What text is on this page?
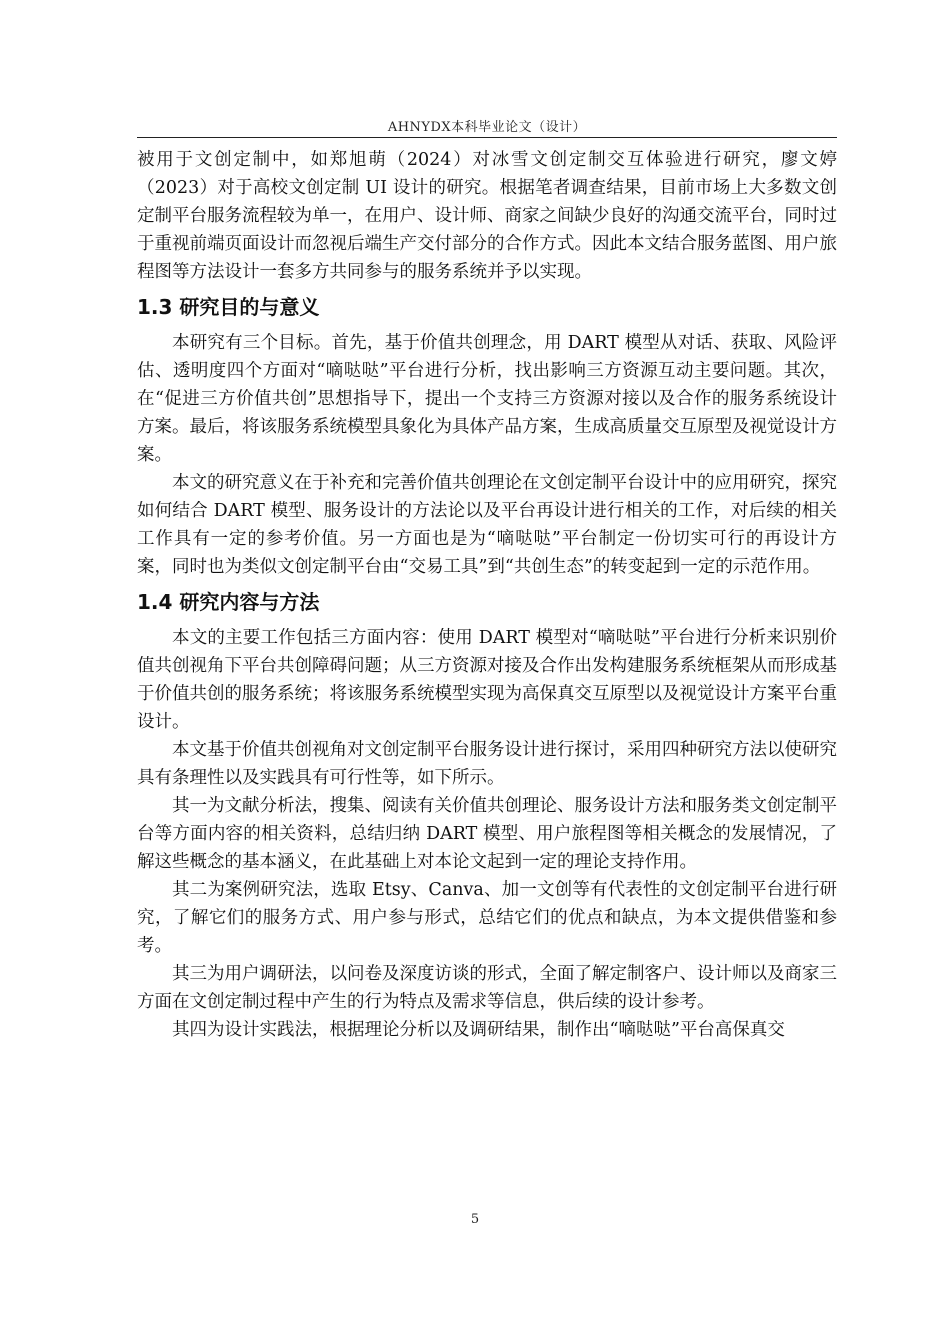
AHNYDX本科毕业论文（设计）

被用于文创定制中，如郑旭萌（2024）对冰雪文创定制交互体验进行研究，廖文婷（2023）对于高校文创定制 UI 设计的研究。根据笔者调查结果，目前市场上大多数文创定制平台服务流程较为单一，在用户、设计师、商家之间缺少良好的沟通交流平台，同时过于重视前端页面设计而忽视后端生产交付部分的合作方式。因此本文结合服务蓝图、用户旅程图等方法设计一套多方共同参与的服务系统并予以实现。

1.3 研究目的与意义

本研究有三个目标。首先，基于价值共创理念，用 DART 模型从对话、获取、风险评估、透明度四个方面对“嘀哒哒”平台进行分析，找出影响三方资源互动主要问题。其次，在“促进三方价值共创”思想指导下，提出一个支持三方资源对接以及合作的服务系统设计方案。最后，将该服务系统模型具象化为具体产品方案，生成高质量交互原型及视觉设计方案。

本文的研究意义在于补充和完善价值共创理论在文创定制平台设计中的应用研究，探究如何结合 DART 模型、服务设计的方法论以及平台再设计进行相关的工作，对后续的相关工作具有一定的参考价值。另一方面也是为“嘀哒哒”平台制定一份切实可行的再设计方案，同时也为类似文创定制平台由“交易工具”到“共创生态”的转变起到一定的示范作用。

1.4 研究内容与方法

本文的主要工作包括三方面内容：使用 DART 模型对“嘀哒哒”平台进行分析来识别价值共创视角下平台共创障碍问题；从三方资源对接及合作出发构建服务系统框架从而形成基于价值共创的服务系统；将该服务系统模型实现为高保真交互原型以及视觉设计方案平台重设计。

本文基于价值共创视角对文创定制平台服务设计进行探讨，采用四种研究方法以使研究具有条理性以及实践具有可行性等，如下所示。

其一为文献分析法，搜集、阅读有关价值共创理论、服务设计方法和服务类文创定制平台等方面内容的相关资料，总结归纳 DART 模型、用户旅程图等相关概念的发展情况，了解这些概念的基本涵义，在此基础上对本论文起到一定的理论支持作用。

其二为案例研究法，选取 Etsy、Canva、加一文创等有代表性的文创定制平台进行研究，了解它们的服务方式、用户参与形式，总结它们的优点和缺点，为本文提供借鉴和参考。

其三为用户调研法，以问卷及深度访谈的形式，全面了解定制客户、设计师以及商家三方面在文创定制过程中产生的行为特点及需求等信息，供后续的设计参考。

其四为设计实践法，根据理论分析以及调研结果，制作出“嘀哒哒”平台高保真交

5
